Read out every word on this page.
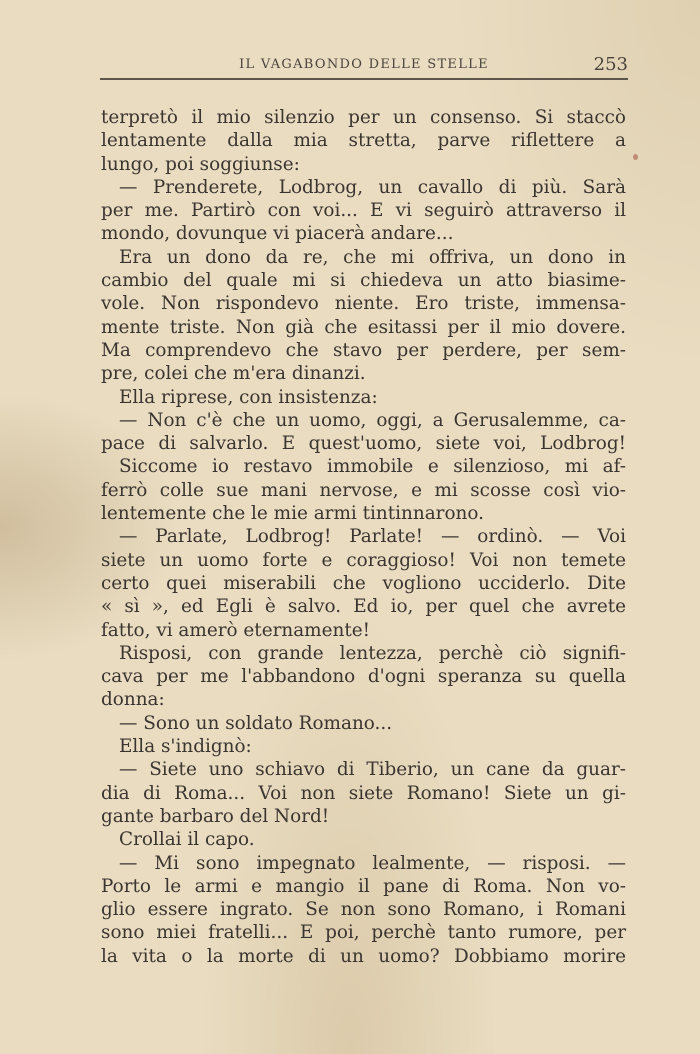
IL VAGABONDO DELLE STELLE	253
terpretò il mio silenzio per un consenso. Si staccò
lentamente dalla mia stretta, parve riflettere a
lungo, poi soggiunse:
— Prenderete, Lodbrog, un cavallo di più. Sarà
per me. Partirò con voi... E vi seguirò attraverso il
mondo, dovunque vi piacerà andare...
Era un dono da re, che mi offriva, un dono in
cambio del quale mi si chiedeva un atto biasime-
vole. Non rispondevo niente. Ero triste, immensa-
mente triste. Non già che esitassi per il mio dovere.
Ma comprendevo che stavo per perdere, per sem-
pre, colei che m'era dinanzi.
Ella riprese, con insistenza:
— Non c'è che un uomo, oggi, a Gerusalemme, ca-
pace di salvarlo. E quest'uomo, siete voi, Lodbrog!
Siccome io restavo immobile e silenzioso, mi af-
ferrò colle sue mani nervose, e mi scosse così vio-
lentemente che le mie armi tintinnarono.
— Parlate, Lodbrog! Parlate! — ordinò. — Voi
siete un uomo forte e coraggioso! Voi non temete
certo quei miserabili che vogliono ucciderlo. Dite
« sì », ed Egli è salvo. Ed io, per quel che avrete
fatto, vi amerò eternamente!
Risposi, con grande lentezza, perchè ciò signifi-
cava per me l'abbandono d'ogni speranza su quella
donna:
— Sono un soldato Romano...
Ella s'indignò:
— Siete uno schiavo di Tiberio, un cane da guar-
dia di Roma... Voi non siete Romano! Siete un gi-
gante barbaro del Nord!
Crollai il capo.
— Mi sono impegnato lealmente, — risposi. —
Porto le armi e mangio il pane di Roma. Non vo-
glio essere ingrato. Se non sono Romano, i Romani
sono miei fratelli... E poi, perchè tanto rumore, per
la vita o la morte di un uomo? Dobbiamo morire
